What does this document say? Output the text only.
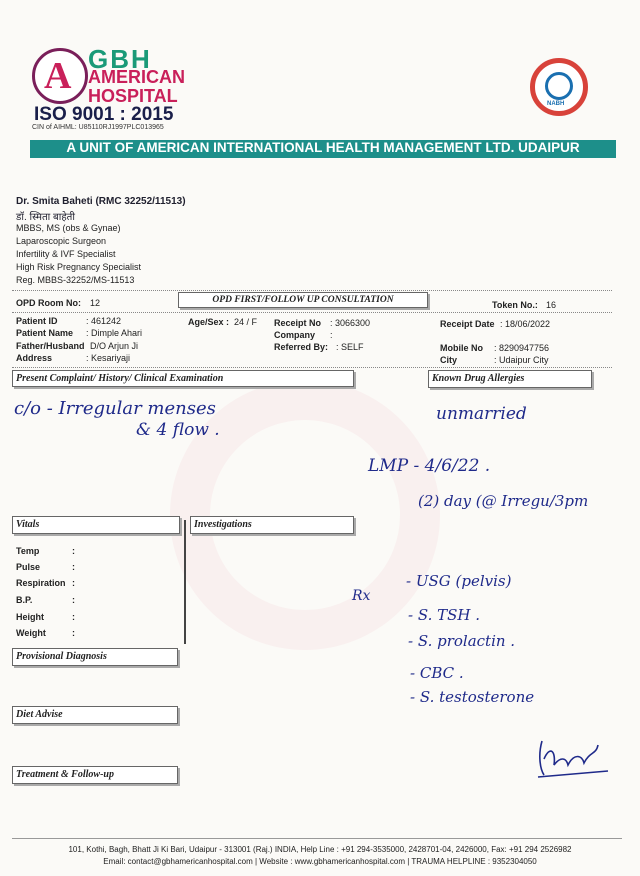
A GBH
AMERICAN
HOSPITAL
ISO 9001 : 2015
CIN of AIHML: U85110RJ1997PLC013965
NABH
A UNIT OF AMERICAN INTERNATIONAL HEALTH MANAGEMENT LTD. UDAIPUR
Dr. Smita Baheti (RMC 32252/11513)
डॉ. स्मिता बाहेती
MBBS, MS (obs & Gynae)
Laparoscopic Surgeon
Infertility & IVF Specialist
High Risk Pregnancy Specialist
Reg. MBBS-32252/MS-11513
OPD Room No: 12	OPD FIRST/FOLLOW UP CONSULTATION	Token No.: 16
Patient ID	: 461242
Patient Name : Dimple Ahari
Father/Husband D/O Arjun Ji
Address	: Kesariyaji
Age/Sex : 24 / F Receipt No : 3066300
Company :
Referred By: : SELF
Receipt Date : 18/06/2022
Mobile No : 8290947756
City	: Udaipur City
Present Complaint/ History/ Clinical Examination	Known Drug Allergies
Vitals	Investigations
Provisional Diagnosis
Diet Advise
Treatment & Follow-up
Temp	:
Pulse	:
Respiration :
B.P.	:
Height	:
Weight	:
c/o - Irregular menses
& 4 flow .
unmarried
LMP - 4/6/22 .
(2) day (@ Irregu/3pm
Rx
- USG (pelvis)
- S. TSH .
- S. prolactin .
- CBC .
- S. testosterone
101, Kothi, Bagh, Bhatt Ji Ki Bari, Udaipur - 313001 (Raj.) INDIA, Help Line : +91 294-3535000, 2428701-04, 2426000, Fax: +91 294 2526982
Email: contact@gbhamericanhospital.com | Website : www.gbhamericanhospital.com | TRAUMA HELPLINE : 9352304050
